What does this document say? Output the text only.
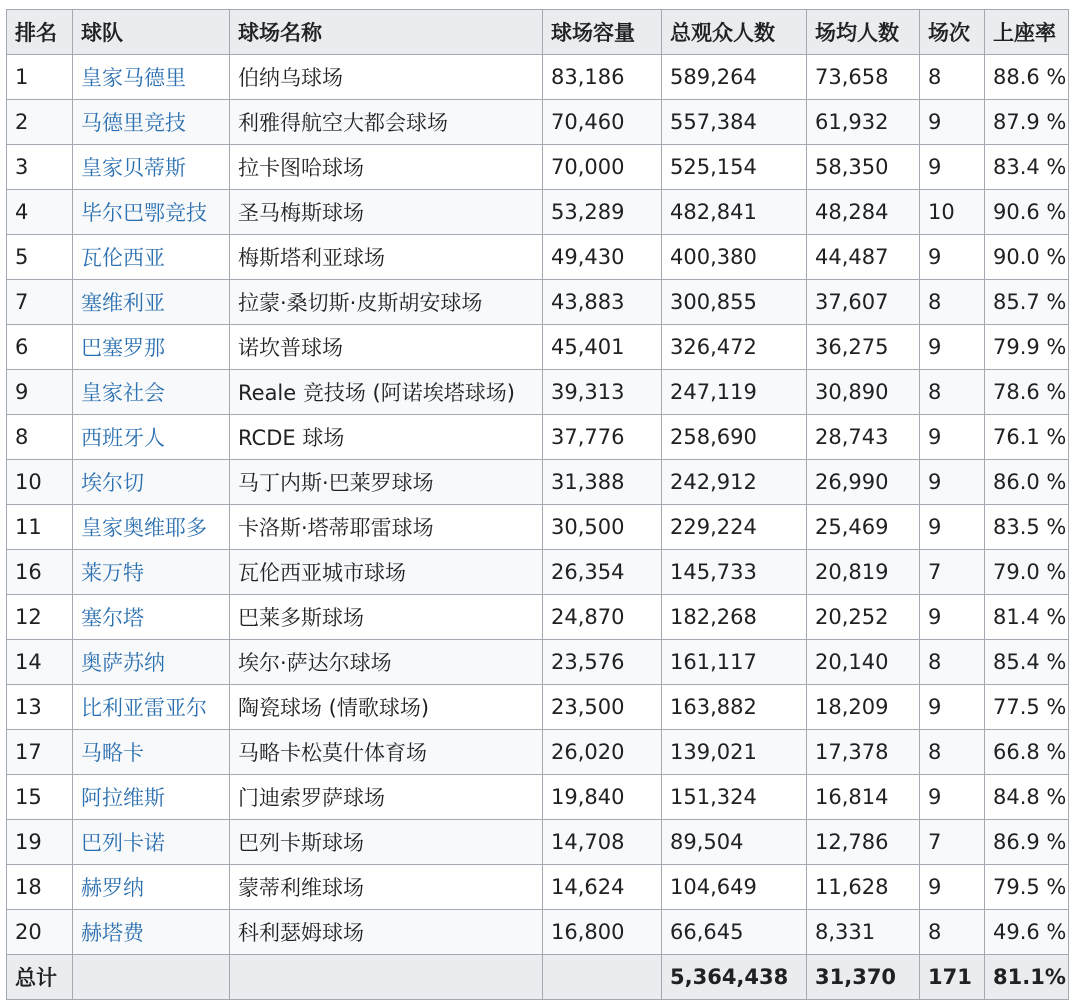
排名	球队	球场名称	球场容量	总观众人数	场均人数	场次	上座率
1	皇家马德里	伯纳乌球场	83,186	589,264	73,658	8	88.6 %
2	马德里竞技	利雅得航空大都会球场	70,460	557,384	61,932	9	87.9 %
3	皇家贝蒂斯	拉卡图哈球场	70,000	525,154	58,350	9	83.4 %
4	毕尔巴鄂竞技	圣马梅斯球场	53,289	482,841	48,284	10	90.6 %
5	瓦伦西亚	梅斯塔利亚球场	49,430	400,380	44,487	9	90.0 %
7	塞维利亚	拉蒙·桑切斯·皮斯胡安球场	43,883	300,855	37,607	8	85.7 %
6	巴塞罗那	诺坎普球场	45,401	326,472	36,275	9	79.9 %
9	皇家社会	Reale 竞技场 (阿诺埃塔球场)	39,313	247,119	30,890	8	78.6 %
8	西班牙人	RCDE 球场	37,776	258,690	28,743	9	76.1 %
10	埃尔切	马丁内斯·巴莱罗球场	31,388	242,912	26,990	9	86.0 %
11	皇家奥维耶多	卡洛斯·塔蒂耶雷球场	30,500	229,224	25,469	9	83.5 %
16	莱万特	瓦伦西亚城市球场	26,354	145,733	20,819	7	79.0 %
12	塞尔塔	巴莱多斯球场	24,870	182,268	20,252	9	81.4 %
14	奥萨苏纳	埃尔·萨达尔球场	23,576	161,117	20,140	8	85.4 %
13	比利亚雷亚尔	陶瓷球场 (情歌球场)	23,500	163,882	18,209	9	77.5 %
17	马略卡	马略卡松莫什体育场	26,020	139,021	17,378	8	66.8 %
15	阿拉维斯	门迪索罗萨球场	19,840	151,324	16,814	9	84.8 %
19	巴列卡诺	巴列卡斯球场	14,708	89,504	12,786	7	86.9 %
18	赫罗纳	蒙蒂利维球场	14,624	104,649	11,628	9	79.5 %
20	赫塔费	科利瑟姆球场	16,800	66,645	8,331	8	49.6 %
总计				5,364,438	31,370	171	81.1%
